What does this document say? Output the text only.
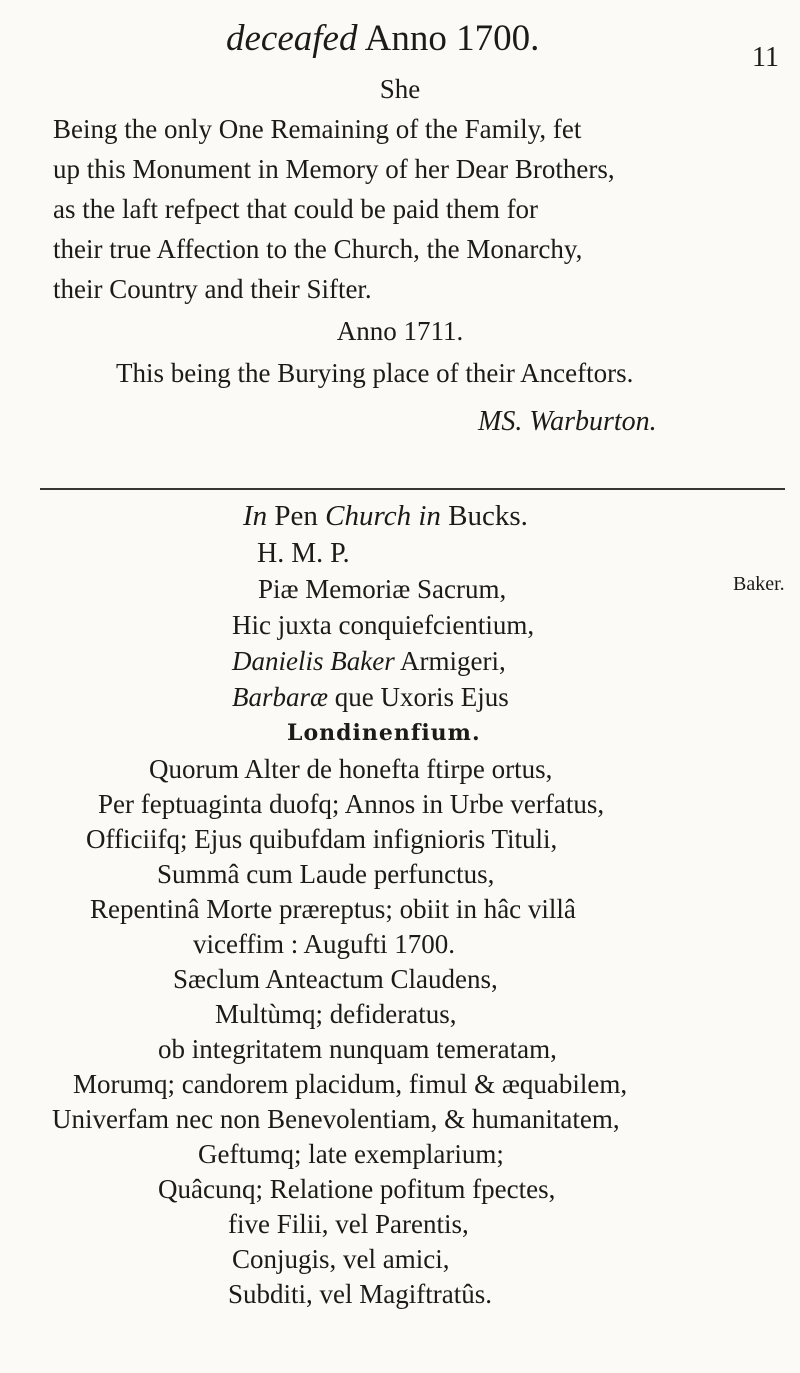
deceafed Anno 1700.	11
She
Being the only One Remaining of the Family, fet
up this Monument in Memory of her Dear Brothers,
as the laft refpect that could be paid them for
their true Affection to the Church, the Monarchy,
their Country and their Sifter.
Anno 1711.
This being the Burying place of their Anceftors.
MS. Warburton.
In Pen Church in Bucks.
Baker.
H. M. P.
Piæ Memoriæ Sacrum,
Hic juxta conquiefcientium,
Danielis Baker Armigeri,
Barbaræ que Uxoris Ejus
Londinenfium.
Quorum Alter de honefta ftirpe ortus,
Per feptuaginta duofq; Annos in Urbe verfatus,
Officiifq; Ejus quibufdam infignioris Tituli,
Summâ cum Laude perfunctus,
Repentinâ Morte præreptus; obiit in hâc villâ
viceffim : Augufti 1700.
Sæclum Anteactum Claudens,
Multùmq; defideratus,
ob integritatem nunquam temeratam,
Morumq; candorem placidum, fimul & æquabilem,
Univerfam nec non Benevolentiam, & humanitatem,
Geftumq; late exemplarium;
Quâcunq; Relatione pofitum fpectes,
five Filii, vel Parentis,
Conjugis, vel amici,
Subditi, vel Magiftratûs.
